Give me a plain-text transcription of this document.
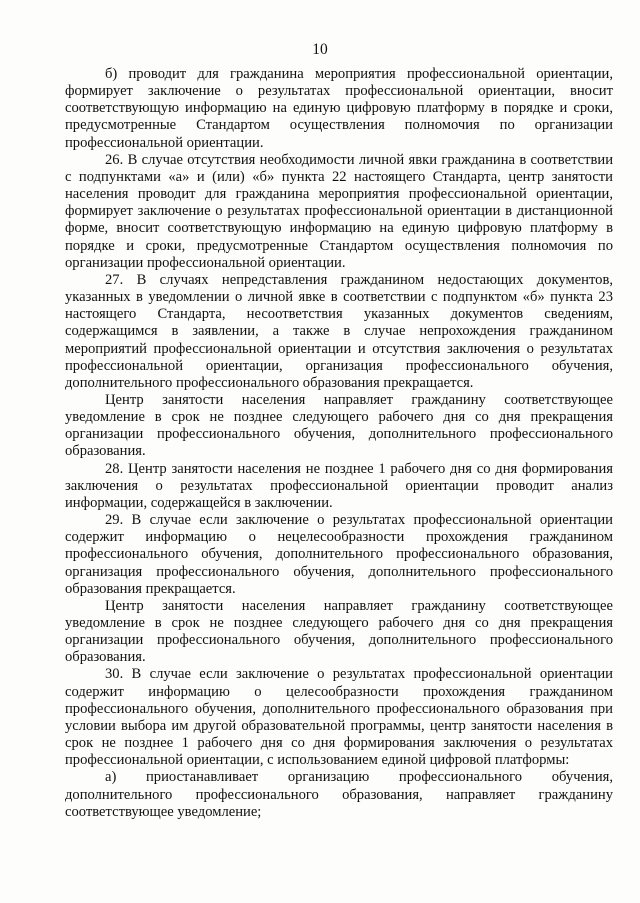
10

б) проводит для гражданина мероприятия профессиональной ориентации, формирует заключение о результатах профессиональной ориентации, вносит соответствующую информацию на единую цифровую платформу в порядке и сроки, предусмотренные Стандартом осуществления полномочия по организации профессиональной ориентации.

26. В случае отсутствия необходимости личной явки гражданина в соответствии с подпунктами «а» и (или) «б» пункта 22 настоящего Стандарта, центр занятости населения проводит для гражданина мероприятия профессиональной ориентации, формирует заключение о результатах профессиональной ориентации в дистанционной форме, вносит соответствующую информацию на единую цифровую платформу в порядке и сроки, предусмотренные Стандартом осуществления полномочия по организации профессиональной ориентации.

27. В случаях непредставления гражданином недостающих документов, указанных в уведомлении о личной явке в соответствии с подпунктом «б» пункта 23 настоящего Стандарта, несоответствия указанных документов сведениям, содержащимся в заявлении, а также в случае непрохождения гражданином мероприятий профессиональной ориентации и отсутствия заключения о результатах профессиональной ориентации, организация профессионального обучения, дополнительного профессионального образования прекращается.

Центр занятости населения направляет гражданину соответствующее уведомление в срок не позднее следующего рабочего дня со дня прекращения организации профессионального обучения, дополнительного профессионального образования.

28. Центр занятости населения не позднее 1 рабочего дня со дня формирования заключения о результатах профессиональной ориентации проводит анализ информации, содержащейся в заключении.

29. В случае если заключение о результатах профессиональной ориентации содержит информацию о нецелесообразности прохождения гражданином профессионального обучения, дополнительного профессионального образования, организация профессионального обучения, дополнительного профессионального образования прекращается.

Центр занятости населения направляет гражданину соответствующее уведомление в срок не позднее следующего рабочего дня со дня прекращения организации профессионального обучения, дополнительного профессионального образования.

30. В случае если заключение о результатах профессиональной ориентации содержит информацию о целесообразности прохождения гражданином профессионального обучения, дополнительного профессионального образования при условии выбора им другой образовательной программы, центр занятости населения в срок не позднее 1 рабочего дня со дня формирования заключения о результатах профессиональной ориентации, с использованием единой цифровой платформы:

а) приостанавливает организацию профессионального обучения, дополнительного профессионального образования, направляет гражданину соответствующее уведомление;
